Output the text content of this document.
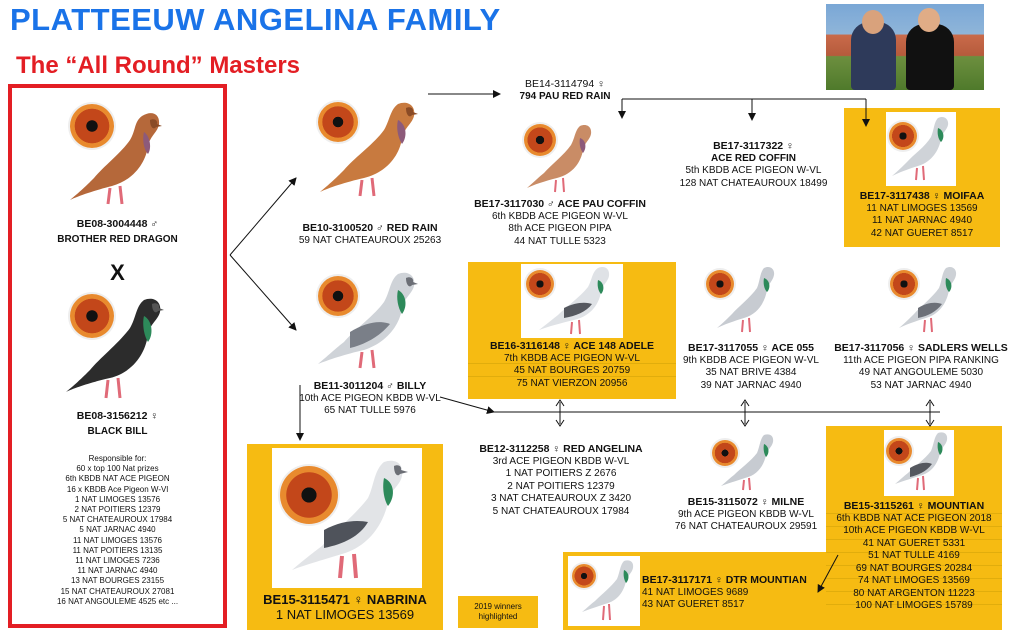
PLATTEEUW ANGELINA FAMILY
The “All Round” Masters
BE08-3004448 ♂
BROTHER RED DRAGON
X
BE08-3156212 ♀
BLACK BILL
Responsible for:
60 x top 100 Nat prizes
6th KBDB NAT ACE PIGEON
16 x KBDB Ace Pigeon W-Vl
1 NAT LIMOGES 13576
2 NAT POITIERS 12379
5 NAT CHATEAUROUX 17984
5 NAT JARNAC 4940
11 NAT LIMOGES 13576
11 NAT POITIERS 13135
11 NAT LIMOGES 7236
11 NAT JARNAC 4940
13 NAT BOURGES 23155
15 NAT CHATEAUROUX 27081
16 NAT ANGOULEME 4525 etc ...
BE10-3100520 ♂ RED RAIN
59 NAT CHATEAUROUX 25263
BE11-3011204 ♂ BILLY
10th ACE PIGEON KBDB W-VL
65 NAT TULLE 5976
BE14-3114794 ♀
794 PAU RED RAIN
BE17-3117030 ♂ ACE PAU COFFIN
6th KBDB ACE PIGEON W-VL
8th ACE PIGEON PIPA
44 NAT TULLE 5323
BE17-3117322 ♀
ACE RED COFFIN
5th KBDB ACE PIGEON W-VL
128 NAT CHATEAUROUX 18499
BE17-3117438 ♀ MOIFAA
11 NAT LIMOGES 13569
11 NAT JARNAC 4940
42 NAT GUERET 8517
BE16-3116148 ♀ ACE 148 ADELE
7th KBDB ACE PIGEON W-VL
45 NAT BOURGES 20759
75 NAT VIERZON 20956
BE17-3117055 ♀ ACE 055
9th KBDB ACE PIGEON W-VL
35 NAT BRIVE 4384
39 NAT JARNAC 4940
BE17-3117056 ♀ SADLERS WELLS
11th ACE PIGEON PIPA RANKING
49 NAT ANGOULEME 5030
53 NAT JARNAC 4940
BE12-3112258 ♀ RED ANGELINA
3rd ACE PIGEON KBDB W-VL
1 NAT POITIERS Z 2676
2 NAT POITIERS 12379
3 NAT CHATEAUROUX Z 3420
5 NAT CHATEAUROUX 17984
BE15-3115072 ♀ MILNE
9th ACE PIGEON KBDB W-VL
76 NAT CHATEAUROUX 29591
BE15-3115261 ♀ MOUNTIAN
6th KBDB NAT ACE PIGEON 2018
10th ACE PIGEON KBDB W-VL
41 NAT GUERET 5331
51 NAT TULLE 4169
69 NAT BOURGES 20284
74 NAT LIMOGES 13569
80 NAT ARGENTON 11223
100 NAT LIMOGES 15789
BE15-3115471 ♀ NABRINA
1 NAT LIMOGES 13569
BE17-3117171 ♀ DTR MOUNTIAN
41 NAT LIMOGES 9689
43 NAT GUERET 8517
2019 winners
highlighted
